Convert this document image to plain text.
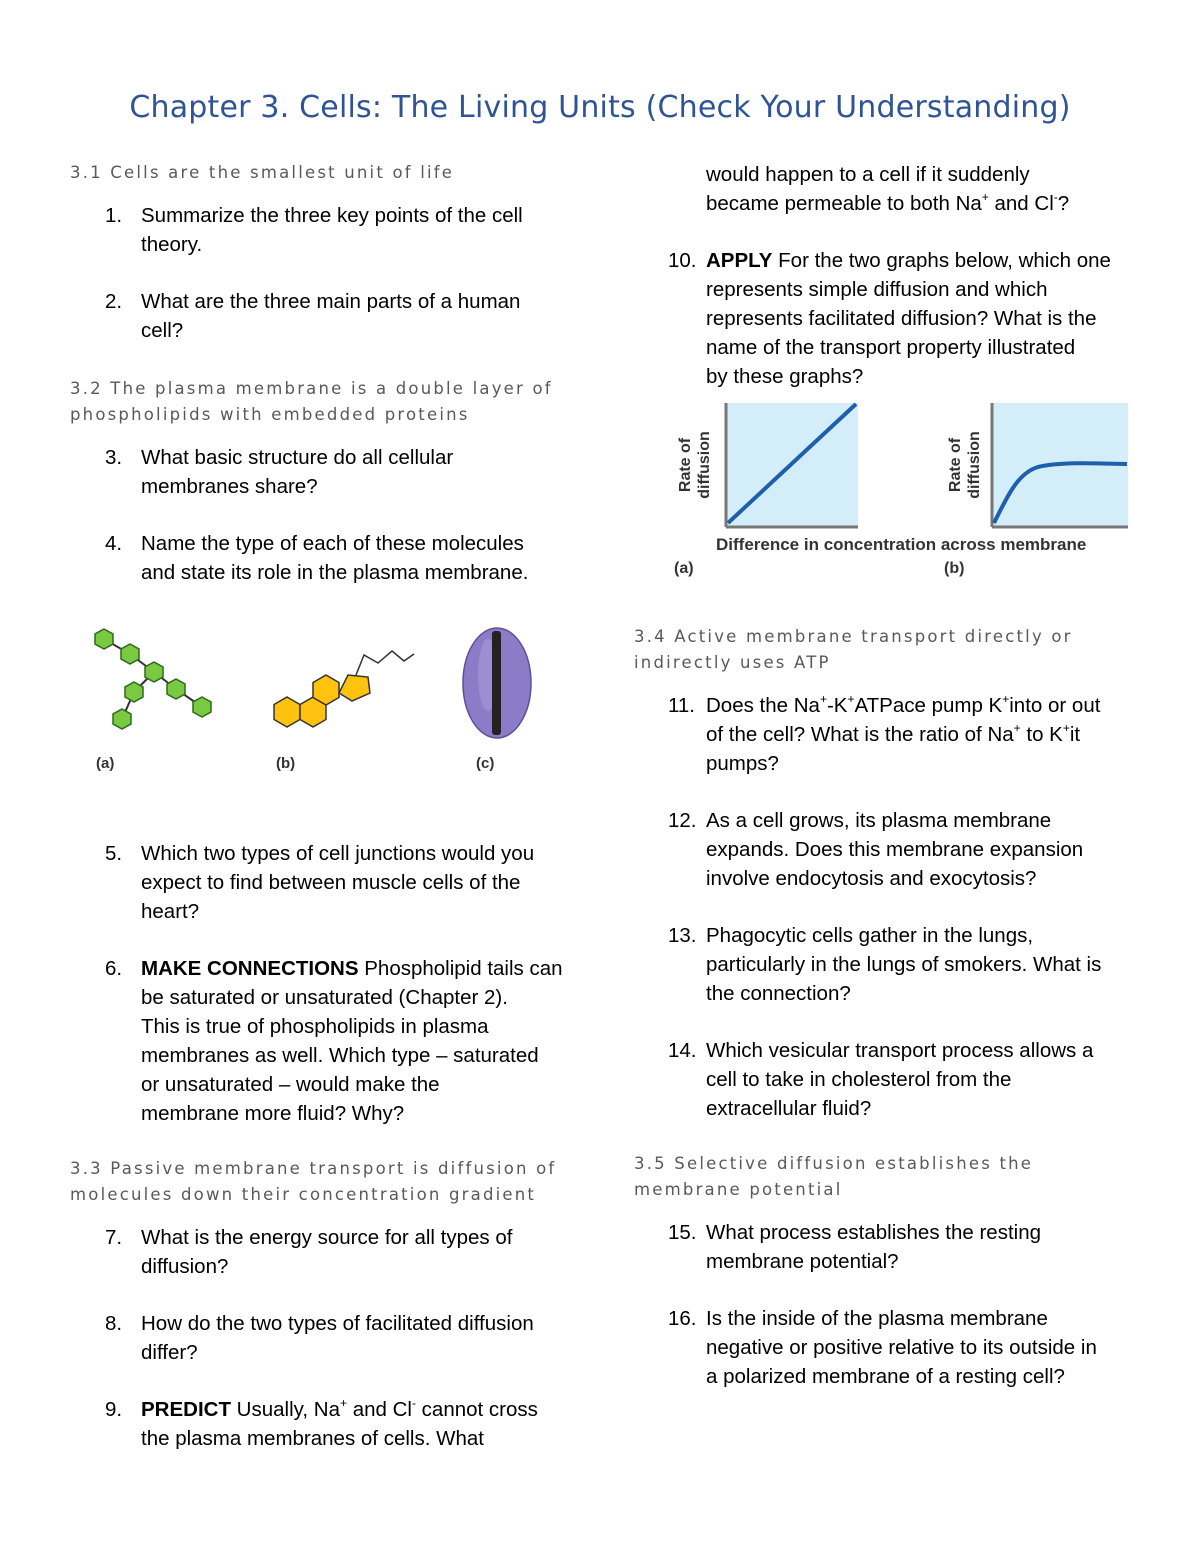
Chapter 3. Cells: The Living Units (Check Your Understanding)

3.1 Cells are the smallest unit of life

1. Summarize the three key points of the cell
theory.
2. What are the three main parts of a human
cell?

3.2 The plasma membrane is a double layer of
phospholipids with embedded proteins

3. What basic structure do all cellular
membranes share?
4. Name the type of each of these molecules
and state its role in the plasma membrane.
(a)	(b)	(c)
5. Which two types of cell junctions would you
expect to find between muscle cells of the
heart?
6. MAKE CONNECTIONS Phospholipid tails can
be saturated or unsaturated (Chapter 2).
This is true of phospholipids in plasma
membranes as well. Which type – saturated
or unsaturated – would make the
membrane more fluid? Why?

3.3 Passive membrane transport is diffusion of
molecules down their concentration gradient

7. What is the energy source for all types of
diffusion?
8. How do the two types of facilitated diffusion
differ?
9. PREDICT Usually, Na+ and Cl- cannot cross
the plasma membranes of cells. What
would happen to a cell if it suddenly
became permeable to both Na+ and Cl-?
10. APPLY For the two graphs below, which one
represents simple diffusion and which
represents facilitated diffusion? What is the
name of the transport property illustrated
by these graphs?
Rate of diffusion	Rate of diffusion
Difference in concentration across membrane
(a)	(b)

3.4 Active membrane transport directly or
indirectly uses ATP

11. Does the Na+-K+ATPace pump K+into or out
of the cell? What is the ratio of Na+ to K+it
pumps?
12. As a cell grows, its plasma membrane
expands. Does this membrane expansion
involve endocytosis and exocytosis?
13. Phagocytic cells gather in the lungs,
particularly in the lungs of smokers. What is
the connection?
14. Which vesicular transport process allows a
cell to take in cholesterol from the
extracellular fluid?

3.5 Selective diffusion establishes the
membrane potential

15. What process establishes the resting
membrane potential?
16. Is the inside of the plasma membrane
negative or positive relative to its outside in
a polarized membrane of a resting cell?
